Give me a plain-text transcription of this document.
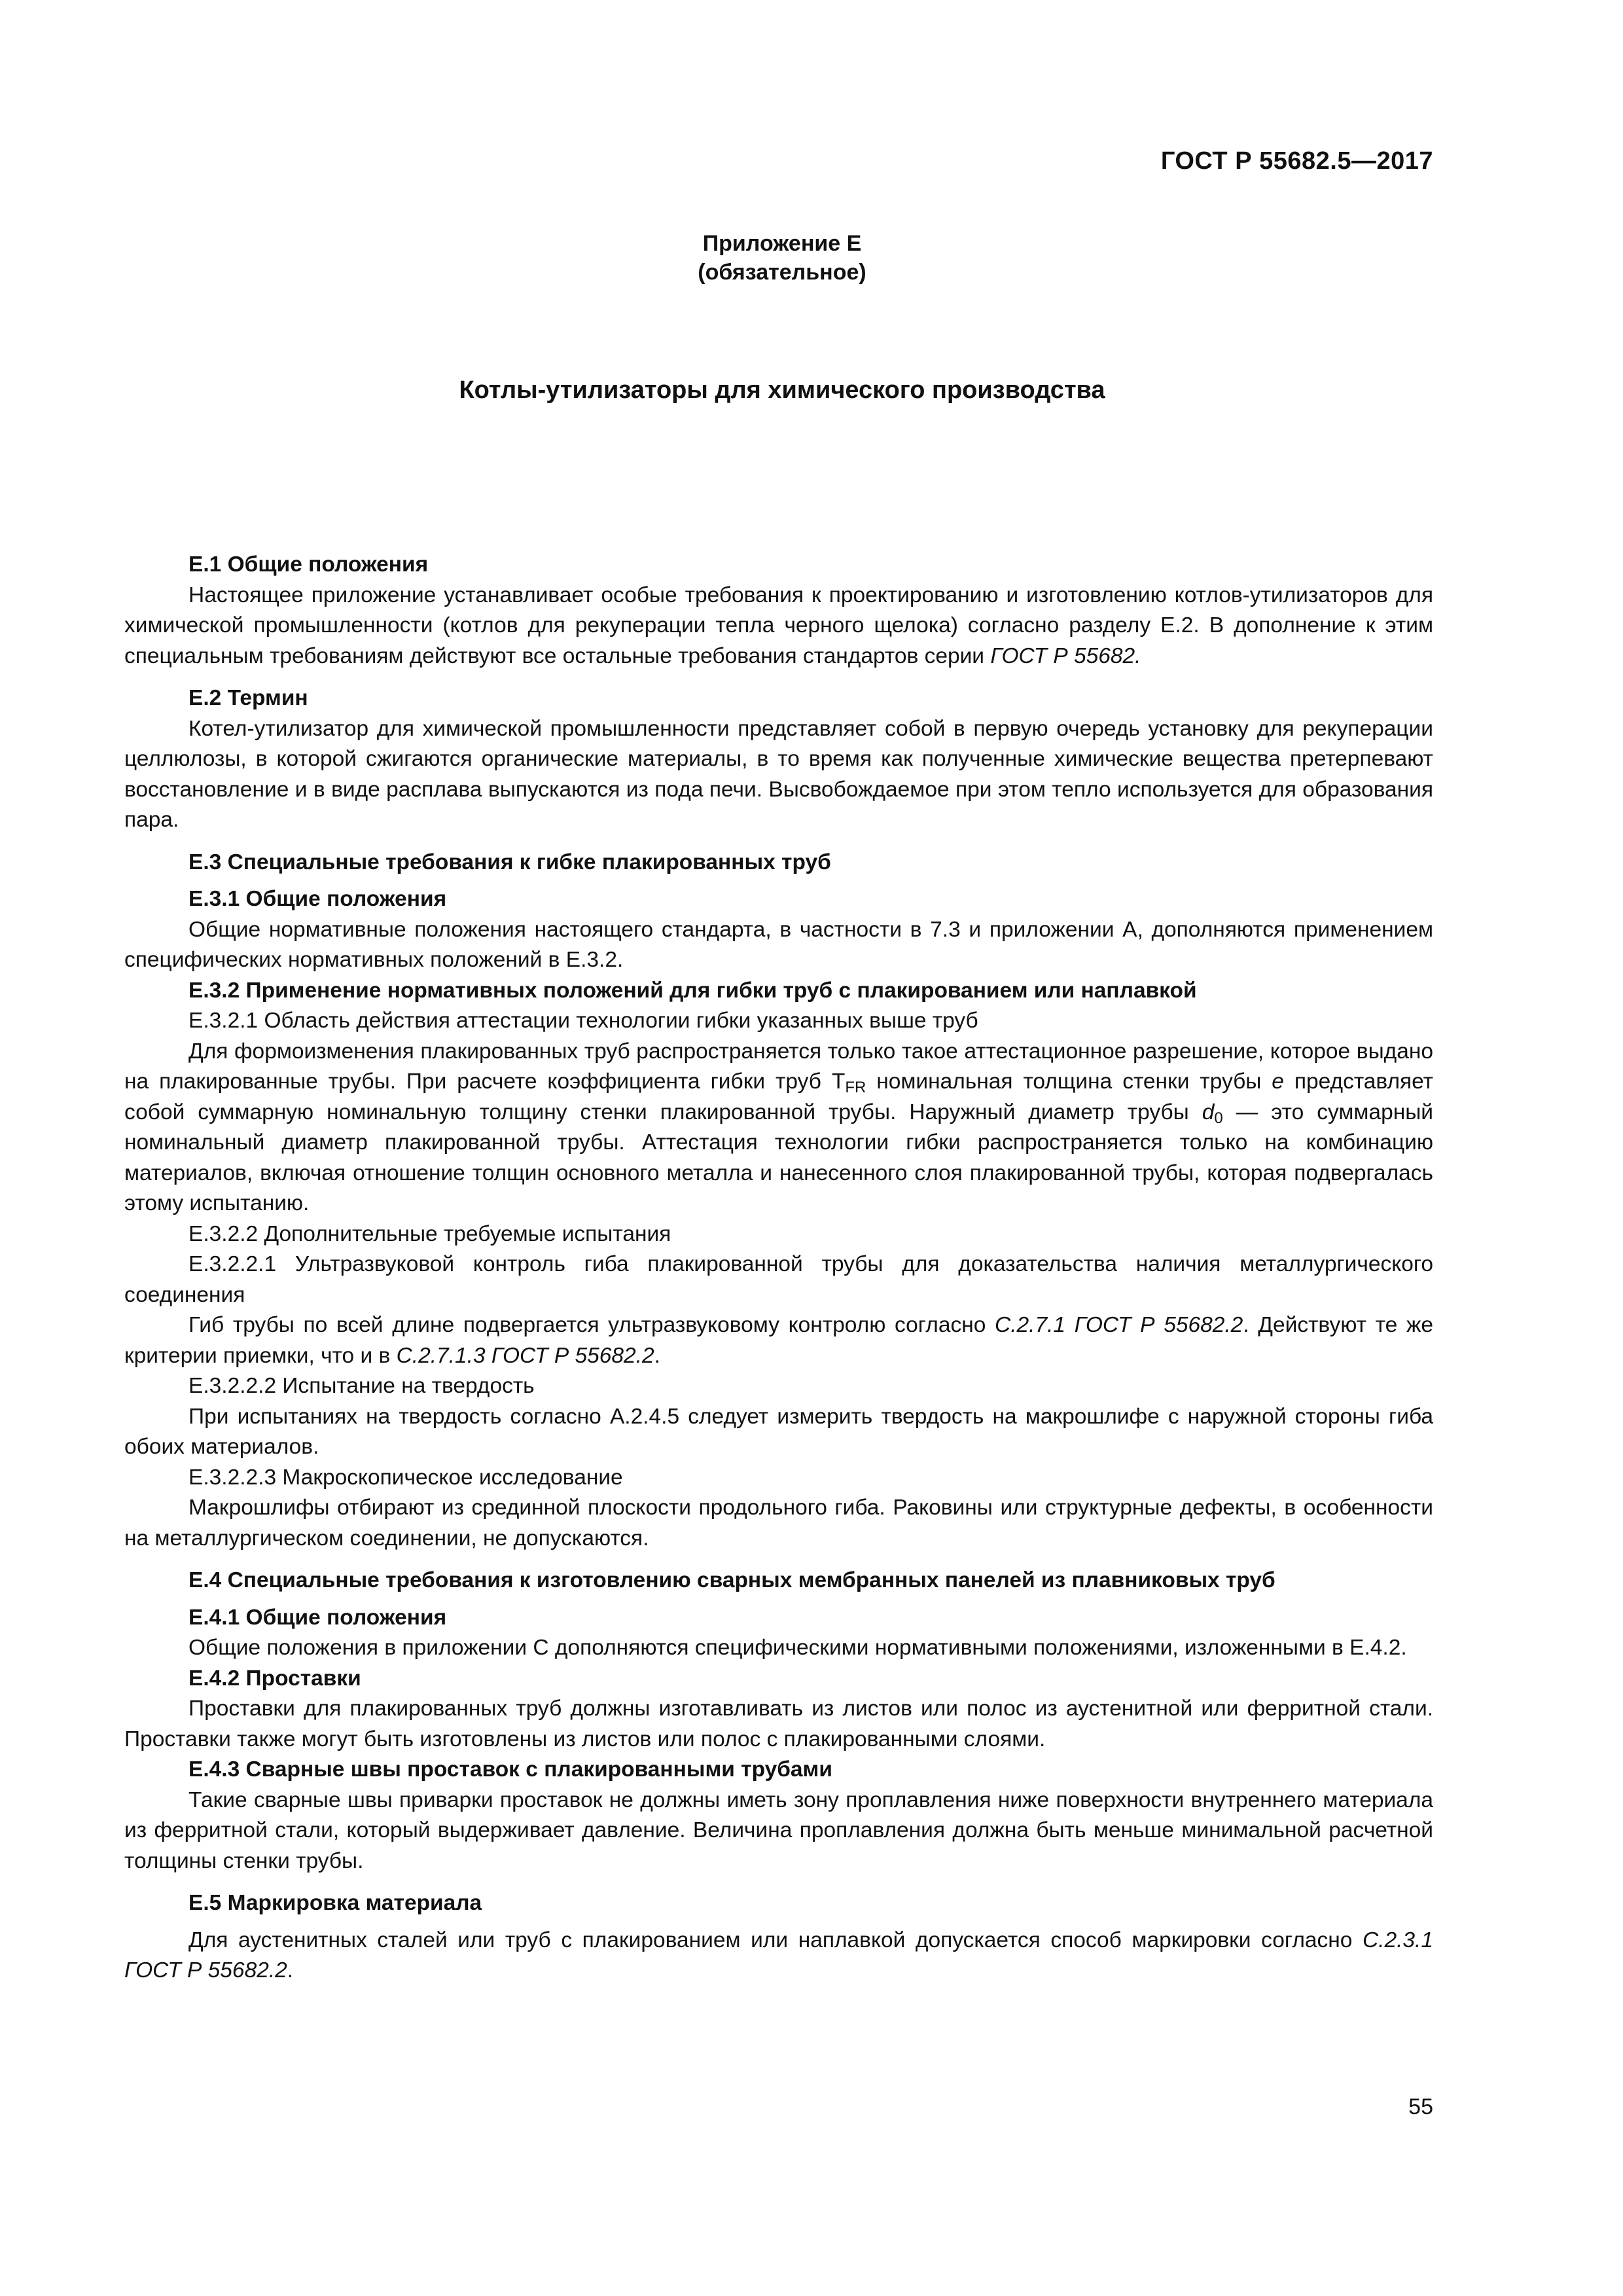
ГОСТ Р 55682.5—2017
Приложение Е
(обязательное)
Котлы-утилизаторы для химического производства

Е.1 Общие положения

Настоящее приложение устанавливает особые требования к проектированию и изготовлению котлов-утилизаторов для химической промышленности (котлов для рекуперации тепла черного щелока) согласно разделу Е.2. В дополнение к этим специальным требованиям действуют все остальные требования стандартов серии ГОСТ Р 55682.

Е.2 Термин

Котел-утилизатор для химической промышленности представляет собой в первую очередь установку для рекуперации целлюлозы, в которой сжигаются органические материалы, в то время как полученные химические вещества претерпевают восстановление и в виде расплава выпускаются из пода печи. Высвобождаемое при этом тепло используется для образования пара.

Е.3 Специальные требования к гибке плакированных труб

Е.3.1 Общие положения

Общие нормативные положения настоящего стандарта, в частности в 7.3 и приложении А, дополняются применением специфических нормативных положений в Е.3.2.

Е.3.2 Применение нормативных положений для гибки труб с плакированием или наплавкой

Е.3.2.1 Область действия аттестации технологии гибки указанных выше труб

Для формоизменения плакированных труб распространяется только такое аттестационное разрешение, которое выдано на плакированные трубы. При расчете коэффициента гибки труб $T_{FR}$ номинальная толщина стенки трубы e представляет собой суммарную номинальную толщину стенки плакированной трубы. Наружный диаметр трубы $d_0$ — это суммарный номинальный диаметр плакированной трубы. Аттестация технологии гибки распространяется только на комбинацию материалов, включая отношение толщин основного металла и нанесенного слоя плакированной трубы, которая подвергалась этому испытанию.

Е.3.2.2 Дополнительные требуемые испытания

Е.3.2.2.1 Ультразвуковой контроль гиба плакированной трубы для доказательства наличия металлургического соединения

Гиб трубы по всей длине подвергается ультразвуковому контролю согласно С.2.7.1 ГОСТ Р 55682.2. Действуют те же критерии приемки, что и в С.2.7.1.3 ГОСТ Р 55682.2.

Е.3.2.2.2 Испытание на твердость

При испытаниях на твердость согласно А.2.4.5 следует измерить твердость на макрошлифе с наружной стороны гиба обоих материалов.

Е.3.2.2.3 Макроскопическое исследование

Макрошлифы отбирают из срединной плоскости продольного гиба. Раковины или структурные дефекты, в особенности на металлургическом соединении, не допускаются.

Е.4 Специальные требования к изготовлению сварных мембранных панелей из плавниковых труб

Е.4.1 Общие положения

Общие положения в приложении С дополняются специфическими нормативными положениями, изложенными в Е.4.2.

Е.4.2 Проставки

Проставки для плакированных труб должны изготавливать из листов или полос из аустенитной или ферритной стали. Проставки также могут быть изготовлены из листов или полос с плакированными слоями.

Е.4.3 Сварные швы проставок с плакированными трубами

Такие сварные швы приварки проставок не должны иметь зону проплавления ниже поверхности внутреннего материала из ферритной стали, который выдерживает давление. Величина проплавления должна быть меньше минимальной расчетной толщины стенки трубы.

Е.5 Маркировка материала

Для аустенитных сталей или труб с плакированием или наплавкой допускается способ маркировки согласно С.2.3.1 ГОСТ Р 55682.2.

55
